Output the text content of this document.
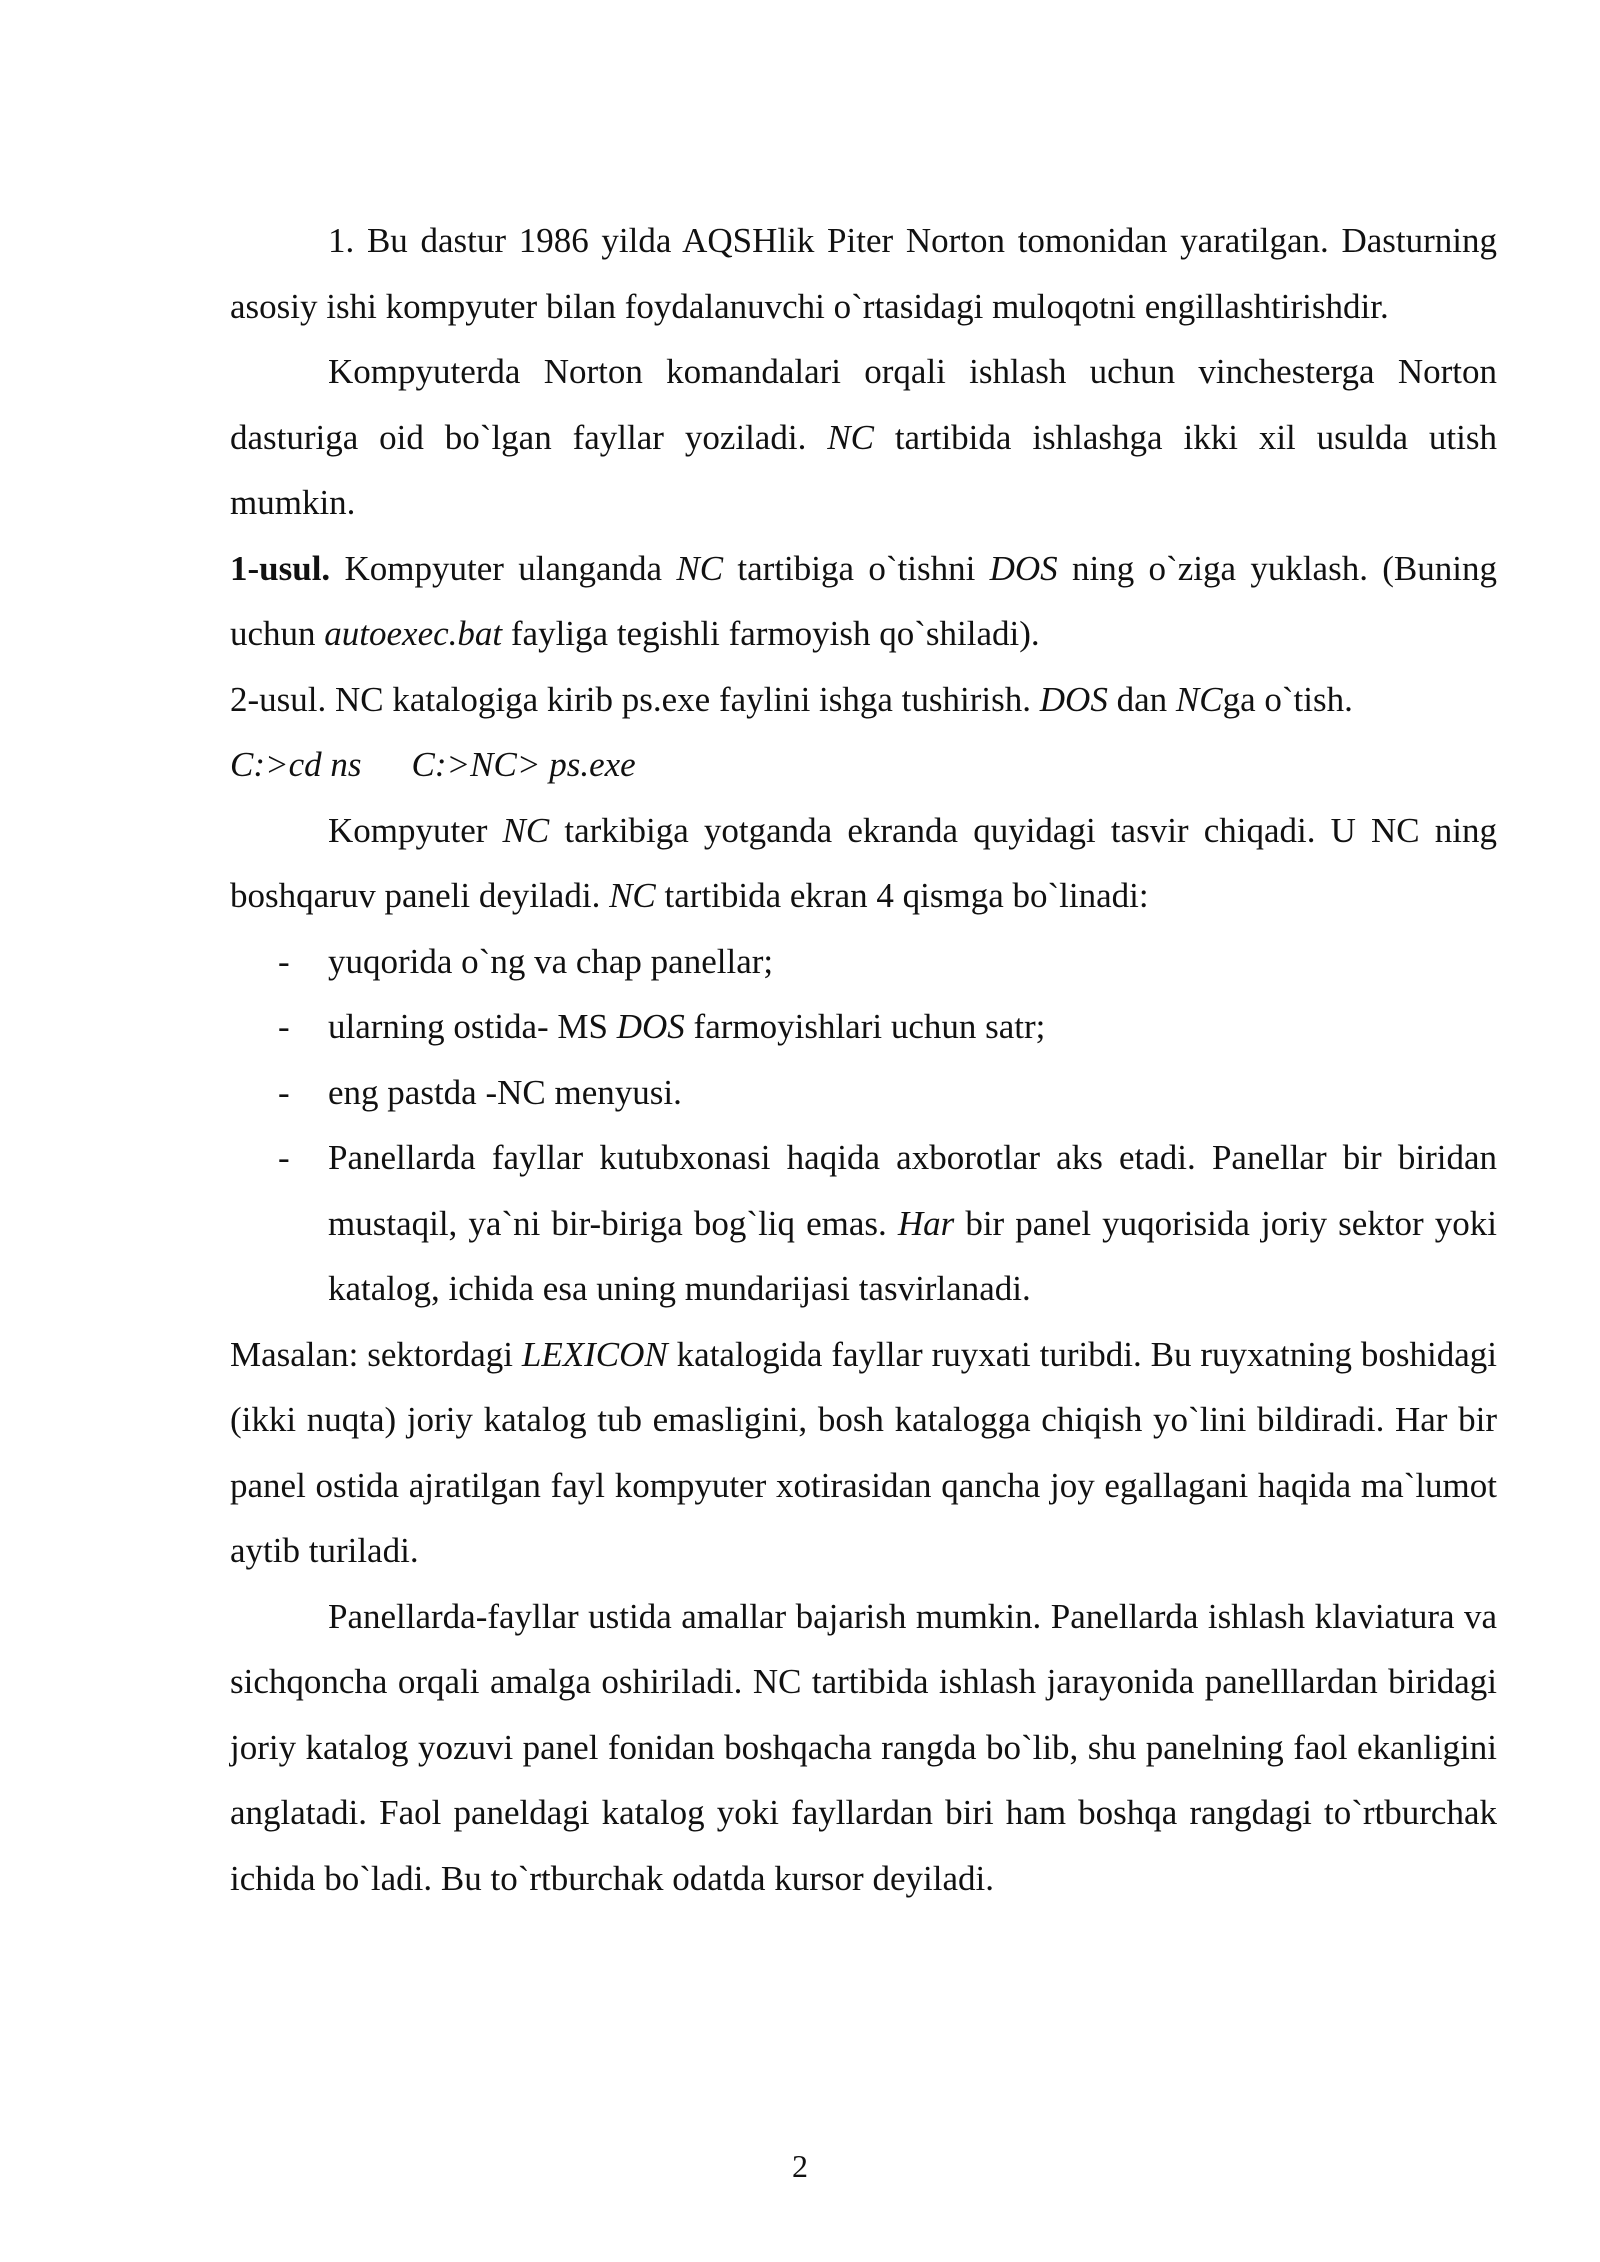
1. Bu dastur 1986 yilda AQSHlik Piter Norton tomonidan yaratilgan. Dasturning asosiy ishi kompyuter bilan foydalanuvchi o`rtasidagi muloqotni engillashtirishdir.

Kompyuterda Norton komandalari orqali ishlash uchun vinchesterga Norton dasturiga oid bo`lgan fayllar yoziladi. NC tartibida ishlashga ikki xil usulda utish mumkin.

1-usul. Kompyuter ulanganda NC tartibiga o`tishni DOS ning o`ziga yuklash. (Buning uchun autoexec.bat fayliga tegishli farmoyish qo`shiladi).

2-usul. NC katalogiga kirib ps.exe faylini ishga tushirish. DOS dan NCga o`tish.

C:>cd ns C:>NC> ps.exe

Kompyuter NC tarkibiga yotganda ekranda quyidagi tasvir chiqadi. U NC ning boshqaruv paneli deyiladi. NC tartibida ekran 4 qismga bo`linadi:

- yuqorida o`ng va chap panellar;
- ularning ostida- MS DOS farmoyishlari uchun satr;
- eng pastda -NC menyusi.
- Panellarda fayllar kutubxonasi haqida axborotlar aks etadi. Panellar bir biridan mustaqil, ya`ni bir-biriga bog`liq emas. Har bir panel yuqorisida joriy sektor yoki katalog, ichida esa uning mundarijasi tasvirlanadi.

Masalan: sektordagi LEXICON katalogida fayllar ruyxati turibdi. Bu ruyxatning boshidagi (ikki nuqta) joriy katalog tub emasligini, bosh katalogga chiqish yo`lini bildiradi. Har bir panel ostida ajratilgan fayl kompyuter xotirasidan qancha joy egallagani haqida ma`lumot aytib turiladi.

Panellarda-fayllar ustida amallar bajarish mumkin. Panellarda ishlash klaviatura va sichqoncha orqali amalga oshiriladi. NC tartibida ishlash jarayonida panelllardan biridagi joriy katalog yozuvi panel fonidan boshqacha rangda bo`lib, shu panelning faol ekanligini anglatadi. Faol paneldagi katalog yoki fayllardan biri ham boshqa rangdagi to`rtburchak ichida bo`ladi. Bu to`rtburchak odatda kursor deyiladi.

2
